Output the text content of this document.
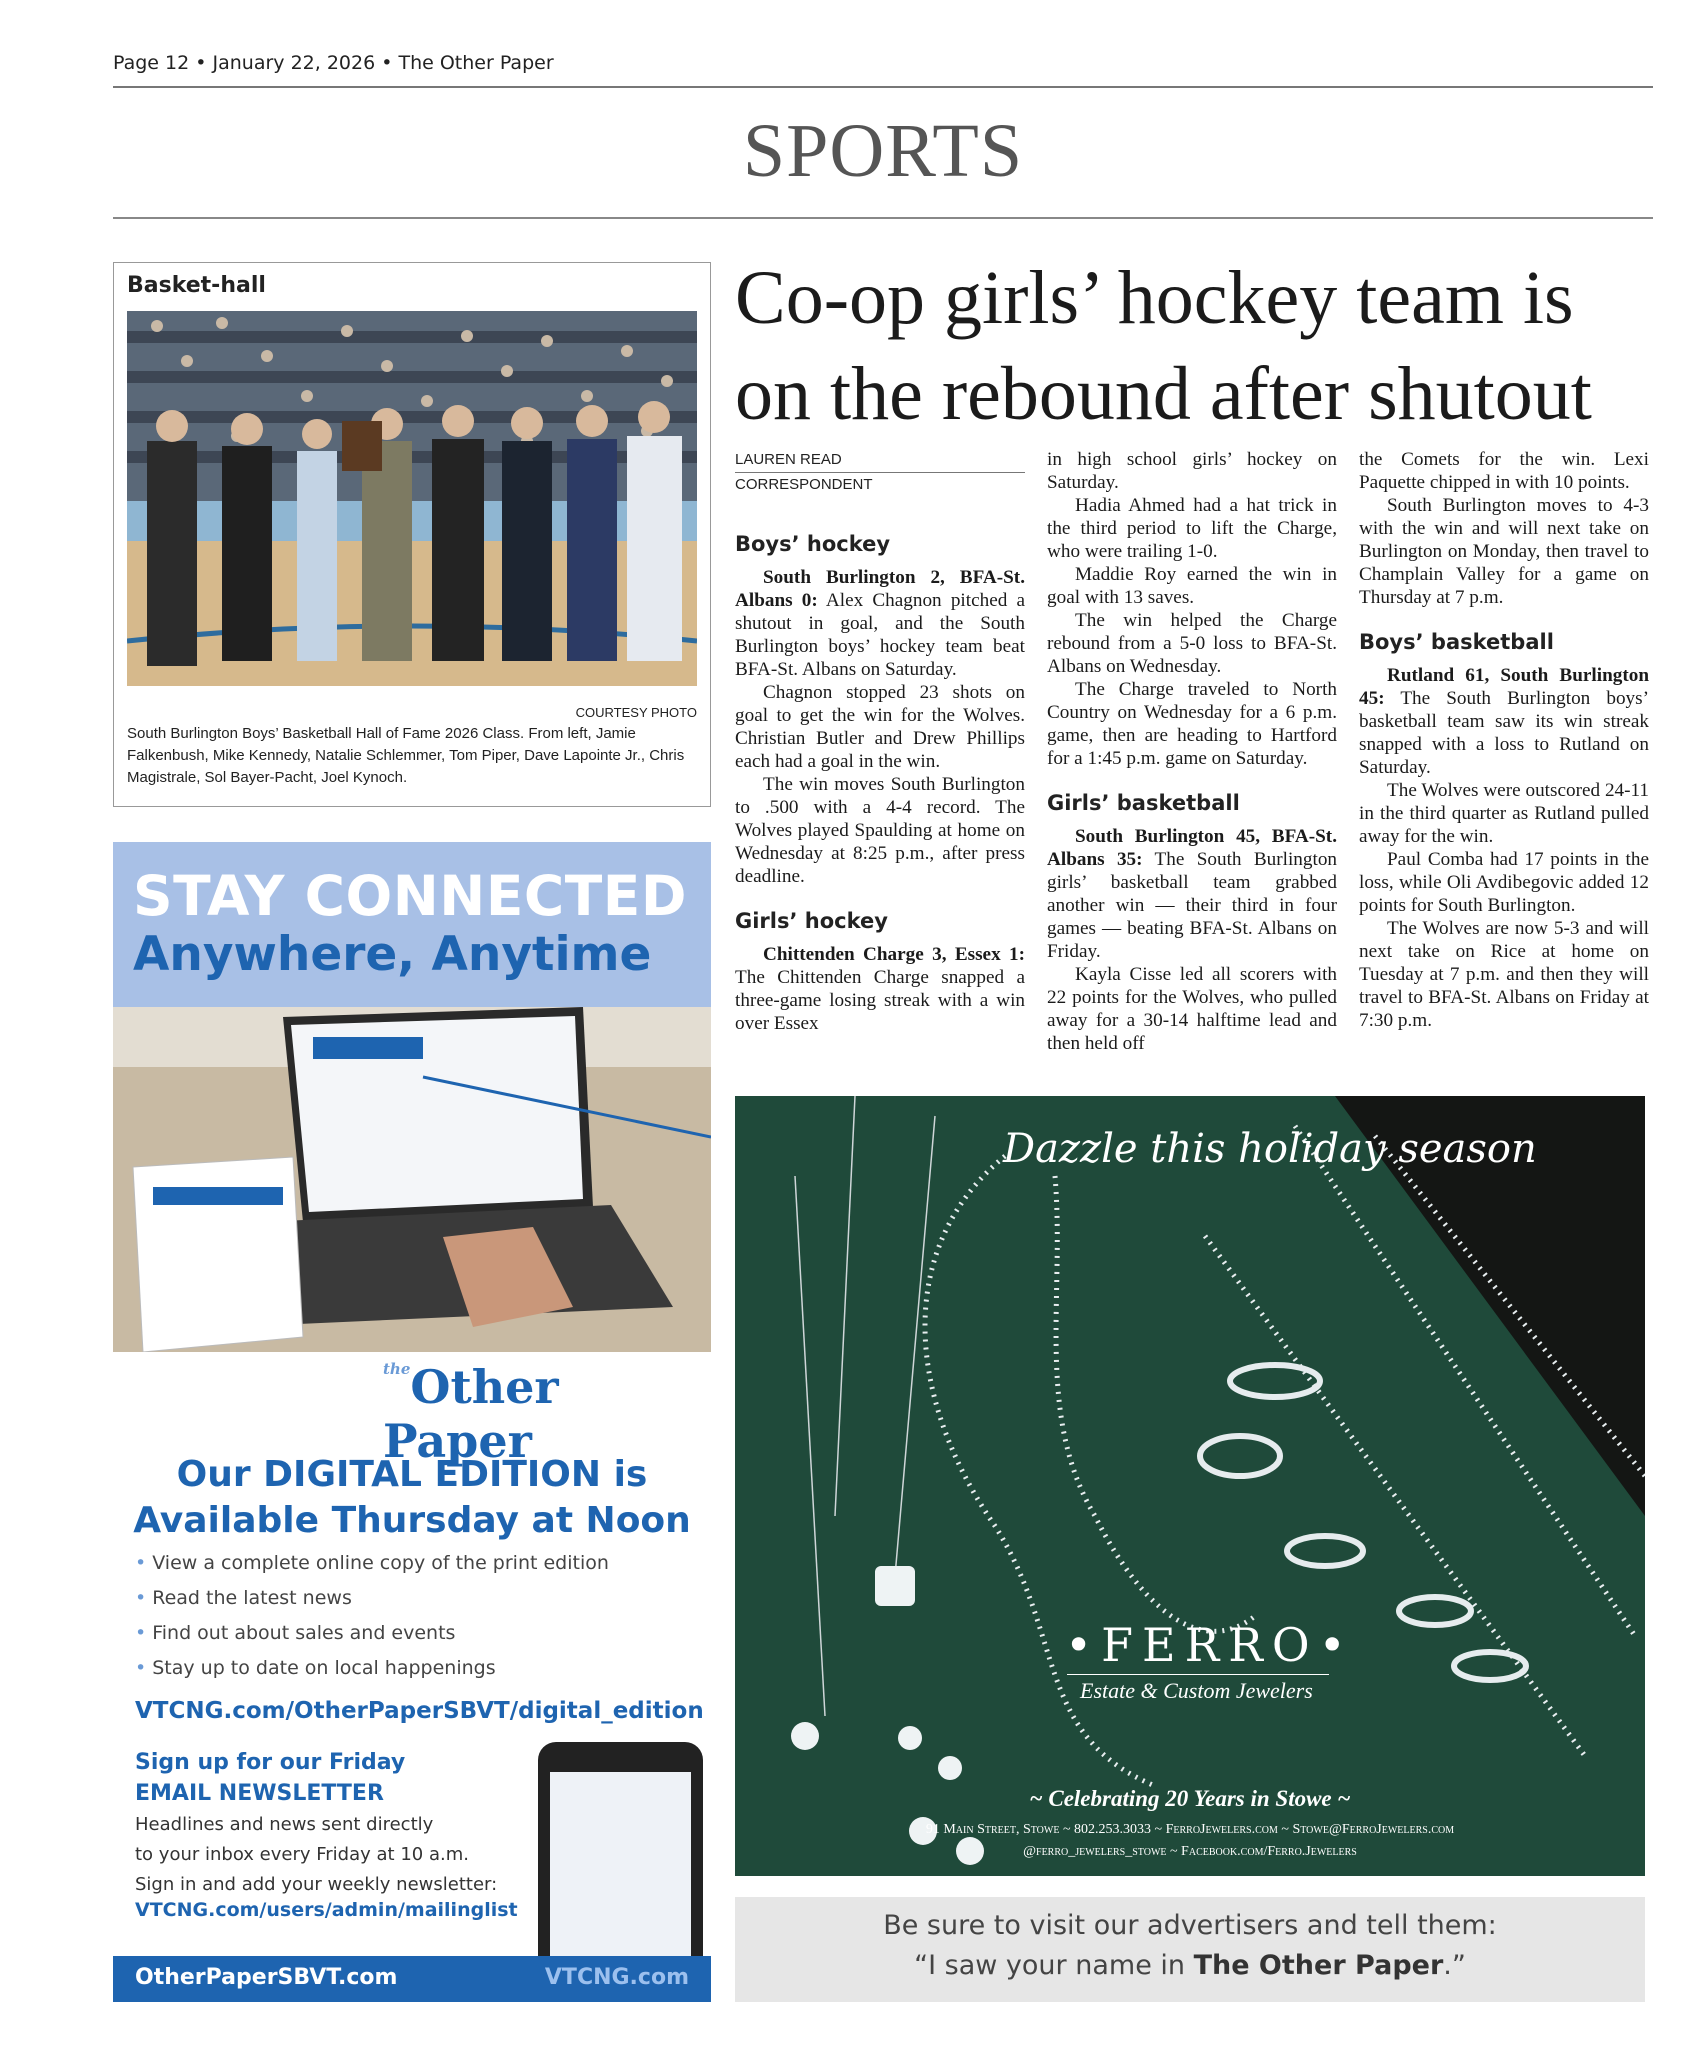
Page 12 • January 22, 2026 • The Other Paper
SPORTS
Basket-hall
COURTESY PHOTO
South Burlington Boys’ Basketball Hall of Fame 2026 Class. From left, Jamie Falkenbush, Mike Kennedy, Natalie Schlemmer, Tom Piper, Dave Lapointe Jr., Chris Magistrale, Sol Bayer-Pacht, Joel Kynoch.
STAY CONNECTED
Anywhere, Anytime
$^{the}$Other Paper
Our DIGITAL EDITION is Available Thursday at Noon
• View a complete online copy of the print edition
• Read the latest news
• Find out about sales and events
• Stay up to date on local happenings
VTCNG.com/OtherPaperSBVT/digital_edition
Sign up for our Friday
EMAIL NEWSLETTER
Headlines and news sent directly
to your inbox every Friday at 10 a.m.
Sign in and add your weekly newsletter:
VTCNG.com/users/admin/mailinglist
OtherPaperSBVT.com	VTCNG.com
Co-op girls’ hockey team is on the rebound after shutout
LAUREN READ
CORRESPONDENT
Boys’ hockey

South Burlington 2, BFA-St. Albans 0: Alex Chagnon pitched a shutout in goal, and the South Burlington boys’ hockey team beat BFA-St. Albans on Saturday.

Chagnon stopped 23 shots on goal to get the win for the Wolves. Christian Butler and Drew Phillips each had a goal in the win.

The win moves South Burlington to .500 with a 4-4 record. The Wolves played Spaulding at home on Wednesday at 8:25 p.m., after press deadline.

Girls’ hockey

Chittenden Charge 3, Essex 1: The Chittenden Charge snapped a three-game losing streak with a win over Essex

in high school girls’ hockey on Saturday.

Hadia Ahmed had a hat trick in the third period to lift the Charge, who were trailing 1-0.

Maddie Roy earned the win in goal with 13 saves.

The win helped the Charge rebound from a 5-0 loss to BFA-St. Albans on Wednesday.

The Charge traveled to North Country on Wednesday for a 6 p.m. game, then are heading to Hartford for a 1:45 p.m. game on Saturday.

Girls’ basketball

South Burlington 45, BFA-St. Albans 35: The South Burlington girls’ basketball team grabbed another win — their third in four games — beating BFA-St. Albans on Friday.

Kayla Cisse led all scorers with 22 points for the Wolves, who pulled away for a 30-14 halftime lead and then held off

the Comets for the win. Lexi Paquette chipped in with 10 points.

South Burlington moves to 4-3 with the win and will next take on Burlington on Monday, then travel to Champlain Valley for a game on Thursday at 7 p.m.

Boys’ basketball

Rutland 61, South Burlington 45: The South Burlington boys’ basketball team saw its win streak snapped with a loss to Rutland on Saturday.

The Wolves were outscored 24-11 in the third quarter as Rutland pulled away for the win.

Paul Comba had 17 points in the loss, while Oli Avdibegovic added 12 points for South Burlington.

The Wolves are now 5-3 and will next take on Rice at home on Tuesday at 7 p.m. and then they will travel to BFA-St. Albans on Friday at 7:30 p.m.

Dazzle this holiday season
•FERRO•
Estate & Custom Jewelers
~ Celebrating 20 Years in Stowe ~
91 Main Street, Stowe ~ 802.253.3033 ~ FerroJewelers.com ~ Stowe@FerroJewelers.com
@ferro_jewelers_stowe ~ Facebook.com/Ferro.Jewelers
Be sure to visit our advertisers and tell them:
“I saw your name in The Other Paper.”
